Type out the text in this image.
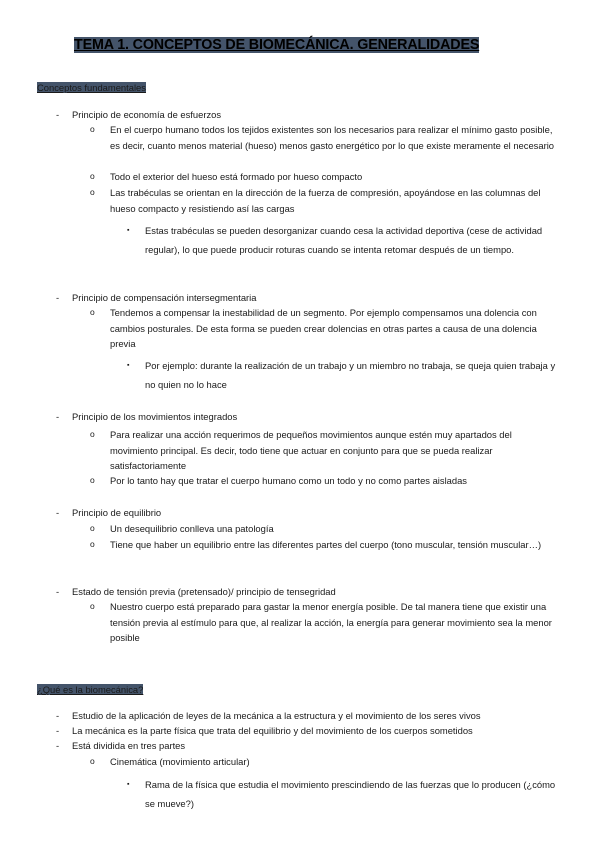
TEMA 1. CONCEPTOS DE BIOMECÁNICA. GENERALIDADES
Conceptos fundamentales
- Principio de economía de esfuerzos
o En el cuerpo humano todos los tejidos existentes son los necesarios para realizar el mínimo gasto posible, es decir, cuanto menos material (hueso) menos gasto energético por lo que existe meramente el necesario
o Todo el exterior del hueso está formado por hueso compacto
o Las trabéculas se orientan en la dirección de la fuerza de compresión, apoyándose en las columnas del hueso compacto y resistiendo así las cargas
▪ Estas trabéculas se pueden desorganizar cuando cesa la actividad deportiva (cese de actividad regular), lo que puede producir roturas cuando se intenta retomar después de un tiempo.
- Principio de compensación intersegmentaria
o Tendemos a compensar la inestabilidad de un segmento. Por ejemplo compensamos una dolencia con cambios posturales. De esta forma se pueden crear dolencias en otras partes a causa de una dolencia previa
▪ Por ejemplo: durante la realización de un trabajo y un miembro no trabaja, se queja quien trabaja y no quien no lo hace
- Principio de los movimientos integrados
o Para realizar una acción requerimos de pequeños movimientos aunque estén muy apartados del movimiento principal. Es decir, todo tiene que actuar en conjunto para que se pueda realizar satisfactoriamente
o Por lo tanto hay que tratar el cuerpo humano como un todo y no como partes aisladas
- Principio de equilibrio
o Un desequilibrio conlleva una patología
o Tiene que haber un equilibrio entre las diferentes partes del cuerpo (tono muscular, tensión muscular…)
- Estado de tensión previa (pretensado)/ principio de tensegridad
o Nuestro cuerpo está preparado para gastar la menor energía posible. De tal manera tiene que existir una tensión previa al estímulo para que, al realizar la acción, la energía para generar movimiento sea la menor posible
¿Qué es la biomecánica?
- Estudio de la aplicación de leyes de la mecánica a la estructura y el movimiento de los seres vivos
- La mecánica es la parte física que trata del equilibrio y del movimiento de los cuerpos sometidos
- Está dividida en tres partes
o Cinemática (movimiento articular)
▪ Rama de la física que estudia el movimiento prescindiendo de las fuerzas que lo producen (¿cómo se mueve?)
